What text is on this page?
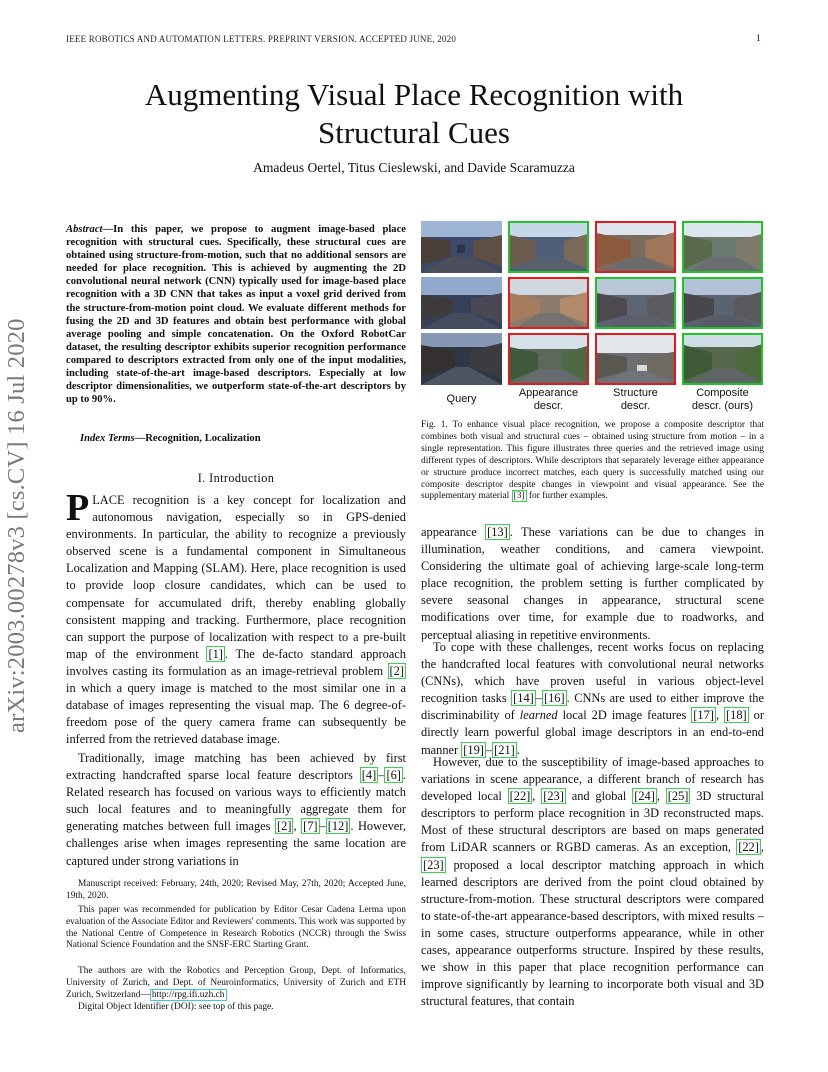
IEEE ROBOTICS AND AUTOMATION LETTERS. PREPRINT VERSION. ACCEPTED JUNE, 2020	1
Augmenting Visual Place Recognition with
Structural Cues
Amadeus Oertel, Titus Cieslewski, and Davide Scaramuzza
arXiv:2003.00278v3 [cs.CV] 16 Jul 2020
Abstract—In this paper, we propose to augment image-based place recognition with structural cues. Specifically, these structural cues are obtained using structure-from-motion, such that no additional sensors are needed for place recognition. This is achieved by augmenting the 2D convolutional neural network (CNN) typically used for image-based place recognition with a 3D CNN that takes as input a voxel grid derived from the structure-from-motion point cloud. We evaluate different methods for fusing the 2D and 3D features and obtain best performance with global average pooling and simple concatenation. On the Oxford RobotCar dataset, the resulting descriptor exhibits superior recognition performance compared to descriptors extracted from only one of the input modalities, including state-of-the-art image-based descriptors. Especially at low descriptor dimensionalities, we outperform state-of-the-art descriptors by up to 90%.
Index Terms—Recognition, Localization
I. Introduction
PLACE recognition is a key concept for localization and autonomous navigation, especially so in GPS-denied environments. In particular, the ability to recognize a previously observed scene is a fundamental component in Simultaneous Localization and Mapping (SLAM). Here, place recognition is used to provide loop closure candidates, which can be used to compensate for accumulated drift, thereby enabling globally consistent mapping and tracking. Furthermore, place recognition can support the purpose of localization with respect to a pre-built map of the environment [1] . The de-facto standard approach involves casting its formulation as an image-retrieval problem [2] in which a query image is matched to the most similar one in a database of images representing the visual map. The 6 degree-of-freedom pose of the query camera frame can subsequently be inferred from the retrieved database image.
Traditionally, image matching has been achieved by first extracting handcrafted sparse local feature descriptors [4] – [6] . Related research has focused on various ways to efficiently match such local features and to meaningfully aggregate them for generating matches between full images [2] , [7] – [12] . However, challenges arise when images representing the same location are captured under strong variations in
Manuscript received: February, 24th, 2020; Revised May, 27th, 2020; Accepted June, 19th, 2020.
This paper was recommended for publication by Editor Cesar Cadena Lerma upon evaluation of the Associate Editor and Reviewers' comments. This work was supported by the National Centre of Competence in Research Robotics (NCCR) through the Swiss National Science Foundation and the SNSF-ERC Starting Grant.
The authors are with the Robotics and Perception Group, Dept. of Informatics, University of Zurich, and Dept. of Neuroinformatics, University of Zurich and ETH Zurich, Switzerland— http://rpg.ifi.uzh.ch
Digital Object Identifier (DOI): see top of this page.
Query	Appearance
descr.
Structure
descr.
Composite
descr. (ours)
Fig. 1. To enhance visual place recognition, we propose a composite descriptor that combines both visual and structural cues – obtained using structure from motion – in a single representation. This figure illustrates three queries and the retrieved image using different types of descriptors. While descriptors that separately leverage either appearance or structure produce incorrect matches, each query is successfully matched using our composite descriptor despite changes in viewpoint and visual appearance. See the supplementary material [3] for further examples.
appearance [13] . These variations can be due to changes in illumination, weather conditions, and camera viewpoint. Considering the ultimate goal of achieving large-scale long-term place recognition, the problem setting is further complicated by severe seasonal changes in appearance, structural scene modifications over time, for example due to roadworks, and perceptual aliasing in repetitive environments.
To cope with these challenges, recent works focus on replacing the handcrafted local features with convolutional neural networks (CNNs), which have proven useful in various object-level recognition tasks [14] – [16] . CNNs are used to either improve the discriminability of learned local 2D image features [17] , [18] or directly learn powerful global image descriptors in an end-to-end manner [19] – [21] .
However, due to the susceptibility of image-based approaches to variations in scene appearance, a different branch of research has developed local [22] , [23] and global [24] , [25] 3D structural descriptors to perform place recognition in 3D reconstructed maps. Most of these structural descriptors are based on maps generated from LiDAR scanners or RGBD cameras. As an exception, [22] , [23] proposed a local descriptor matching approach in which learned descriptors are derived from the point cloud obtained by structure-from-motion. These structural descriptors were compared to state-of-the-art appearance-based descriptors, with mixed results – in some cases, structure outperforms appearance, while in other cases, appearance outperforms structure. Inspired by these results, we show in this paper that place recognition performance can improve significantly by learning to incorporate both visual and 3D structural features, that contain
